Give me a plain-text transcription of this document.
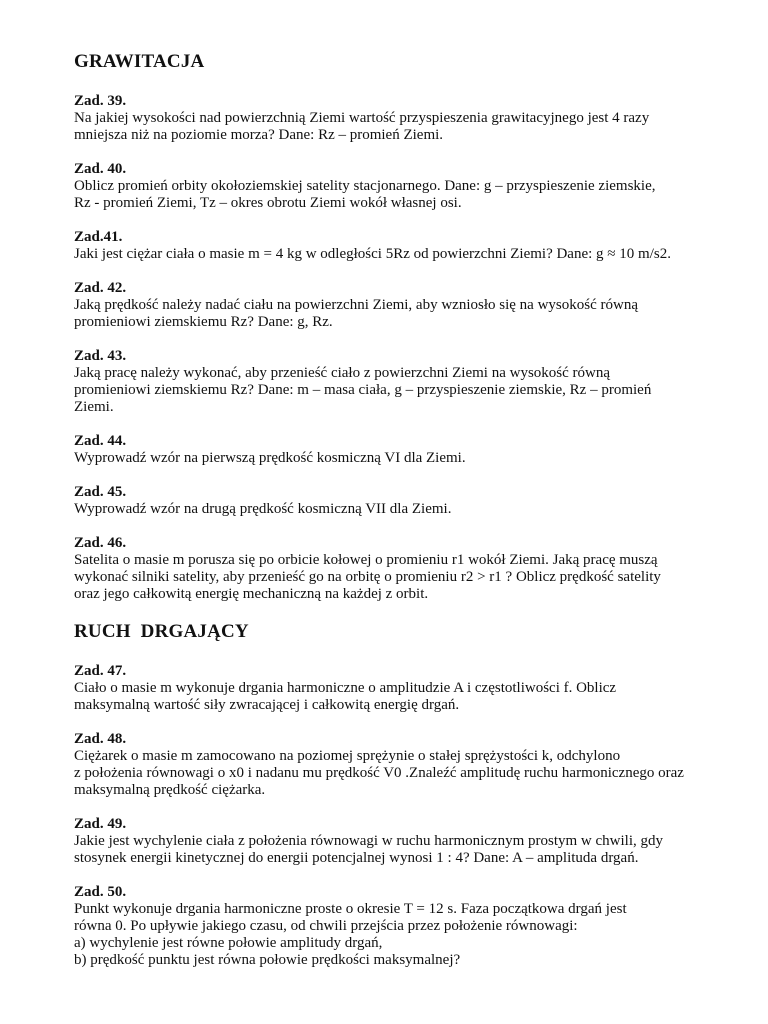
GRAWITACJA
Zad. 39.
Na jakiej wysokości nad powierzchnią Ziemi wartość przyspieszenia grawitacyjnego jest 4 razy
mniejsza niż na poziomie morza? Dane: Rz – promień Ziemi.
Zad. 40.
Oblicz promień orbity okołoziemskiej satelity stacjonarnego. Dane: g – przyspieszenie ziemskie,
Rz - promień Ziemi, Tz – okres obrotu Ziemi wokół własnej osi.
Zad.41.
Jaki jest ciężar ciała o masie m = 4 kg w odległości 5Rz od powierzchni Ziemi? Dane: g ≈ 10 m/s2.
Zad. 42.
Jaką prędkość należy nadać ciału na powierzchni Ziemi, aby wzniosło się na wysokość równą
promieniowi ziemskiemu Rz? Dane: g, Rz.
Zad. 43.
Jaką pracę należy wykonać, aby przenieść ciało z powierzchni Ziemi na wysokość równą
promieniowi ziemskiemu Rz? Dane: m – masa ciała, g – przyspieszenie ziemskie, Rz – promień
Ziemi.
Zad. 44.
Wyprowadź wzór na pierwszą prędkość kosmiczną VI dla Ziemi.
Zad. 45.
Wyprowadź wzór na drugą prędkość kosmiczną VII dla Ziemi.
Zad. 46.
Satelita o masie m porusza się po orbicie kołowej o promieniu r1 wokół Ziemi. Jaką pracę muszą
wykonać silniki satelity, aby przenieść go na orbitę o promieniu r2 > r1 ? Oblicz prędkość satelity
oraz jego całkowitą energię mechaniczną na każdej z orbit.
RUCH  DRGAJĄCY
Zad. 47.
Ciało o masie m wykonuje drgania harmoniczne o amplitudzie A i częstotliwości f. Oblicz
maksymalną wartość siły zwracającej i całkowitą energię drgań.
Zad. 48.
Ciężarek o masie m zamocowano na poziomej sprężynie o stałej sprężystości k, odchylono
z położenia równowagi o x0 i nadanu mu prędkość V0 .Znaleźć amplitudę ruchu harmonicznego oraz
maksymalną prędkość ciężarka.
Zad. 49.
Jakie jest wychylenie ciała z położenia równowagi w ruchu harmonicznym prostym w chwili, gdy
stosynek energii kinetycznej do energii potencjalnej wynosi 1 : 4? Dane: A – amplituda drgań.
Zad. 50.
Punkt wykonuje drgania harmoniczne proste o okresie T = 12 s. Faza początkowa drgań jest
równa 0. Po upływie jakiego czasu, od chwili przejścia przez położenie równowagi:
a) wychylenie jest równe połowie amplitudy drgań,
b) prędkość punktu jest równa połowie prędkości maksymalnej?
